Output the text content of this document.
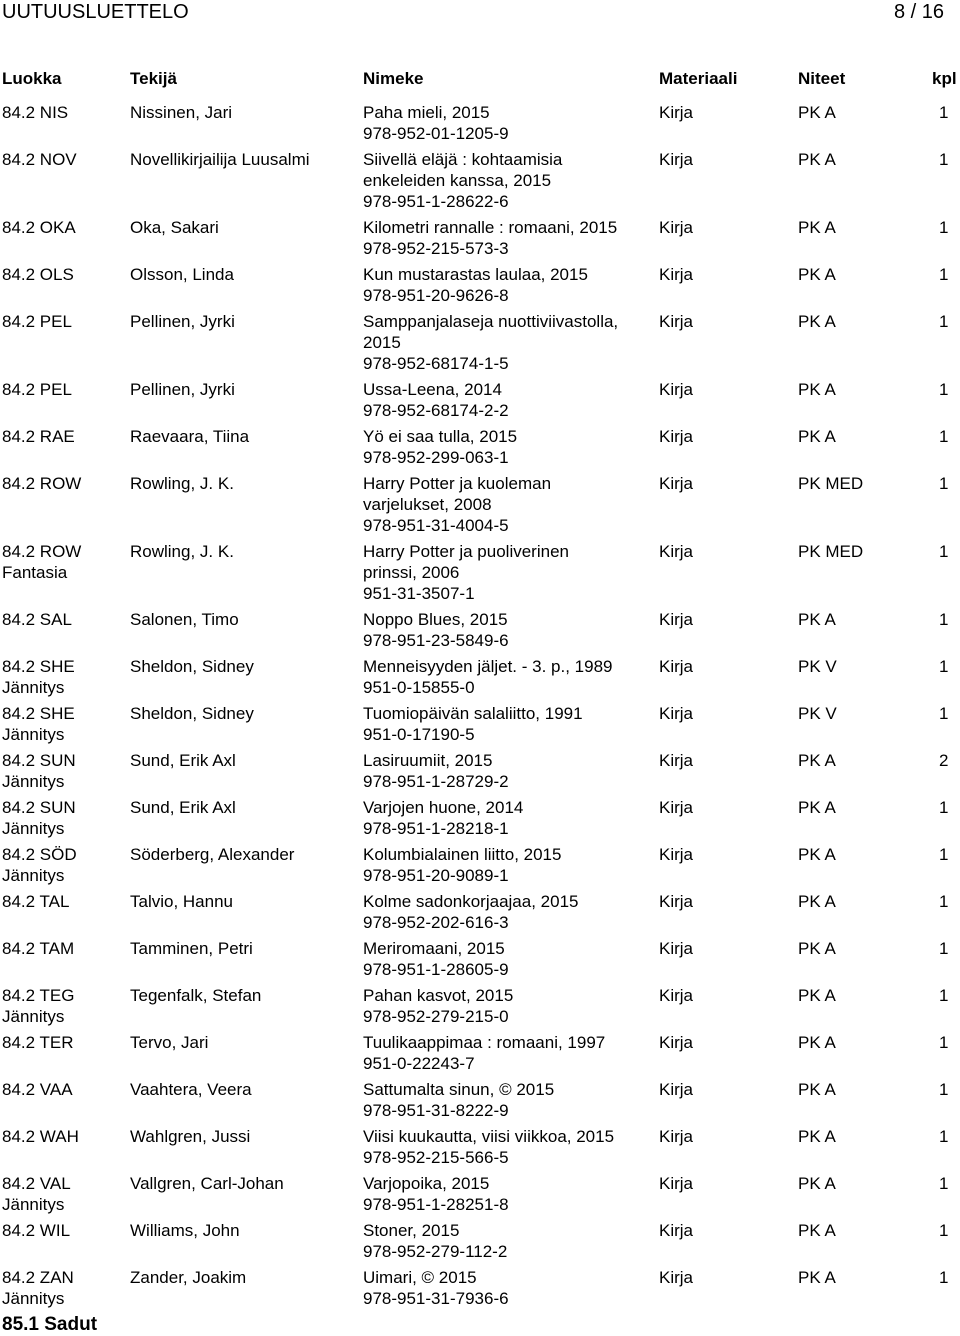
UUTUUSLUETTELO	8 / 16
Luokka	Tekijä	Nimeke	Materiaali	Niteet	kpl
84.2 NIS	Nissinen, Jari	Paha mieli, 2015
978-952-01-1205-9
Kirja	PK A	1
84.2 NOV	Novellikirjailija Luusalmi	Siivellä eläjä : kohtaamisia
enkeleiden kanssa, 2015
978-951-1-28622-6
Kirja	PK A	1
84.2 OKA	Oka, Sakari	Kilometri rannalle : romaani, 2015
978-952-215-573-3
Kirja	PK A	1
84.2 OLS	Olsson, Linda	Kun mustarastas laulaa, 2015
978-951-20-9626-8
Kirja	PK A	1
84.2 PEL	Pellinen, Jyrki	Samppanjalaseja nuottiviivastolla,
2015
978-952-68174-1-5
Kirja	PK A	1
84.2 PEL	Pellinen, Jyrki	Ussa-Leena, 2014
978-952-68174-2-2
Kirja	PK A	1
84.2 RAE	Raevaara, Tiina	Yö ei saa tulla, 2015
978-952-299-063-1
Kirja	PK A	1
84.2 ROW	Rowling, J. K.	Harry Potter ja kuoleman
varjelukset, 2008
978-951-31-4004-5
Kirja	PK MED	1
84.2 ROW
Fantasia
Rowling, J. K.	Harry Potter ja puoliverinen
prinssi, 2006
951-31-3507-1
Kirja	PK MED	1
84.2 SAL	Salonen, Timo	Noppo Blues, 2015
978-951-23-5849-6
Kirja	PK A	1
84.2 SHE
Jännitys
Sheldon, Sidney	Menneisyyden jäljet. - 3. p., 1989
951-0-15855-0
Kirja	PK V	1
84.2 SHE
Jännitys
Sheldon, Sidney	Tuomiopäivän salaliitto, 1991
951-0-17190-5
Kirja	PK V	1
84.2 SUN
Jännitys
Sund, Erik Axl	Lasiruumiit, 2015
978-951-1-28729-2
Kirja	PK A	2
84.2 SUN
Jännitys
Sund, Erik Axl	Varjojen huone, 2014
978-951-1-28218-1
Kirja	PK A	1
84.2 SÖD
Jännitys
Söderberg, Alexander	Kolumbialainen liitto, 2015
978-951-20-9089-1
Kirja	PK A	1
84.2 TAL	Talvio, Hannu	Kolme sadonkorjaajaa, 2015
978-952-202-616-3
Kirja	PK A	1
84.2 TAM	Tamminen, Petri	Meriromaani, 2015
978-951-1-28605-9
Kirja	PK A	1
84.2 TEG
Jännitys
Tegenfalk, Stefan	Pahan kasvot, 2015
978-952-279-215-0
Kirja	PK A	1
84.2 TER	Tervo, Jari	Tuulikaappimaa : romaani, 1997
951-0-22243-7
Kirja	PK A	1
84.2 VAA	Vaahtera, Veera	Sattumalta sinun, © 2015
978-951-31-8222-9
Kirja	PK A	1
84.2 WAH	Wahlgren, Jussi	Viisi kuukautta, viisi viikkoa, 2015
978-952-215-566-5
Kirja	PK A	1
84.2 VAL
Jännitys
Vallgren, Carl-Johan	Varjopoika, 2015
978-951-1-28251-8
Kirja	PK A	1
84.2 WIL	Williams, John	Stoner, 2015
978-952-279-112-2
Kirja	PK A	1
84.2 ZAN
Jännitys
Zander, Joakim	Uimari, © 2015
978-951-31-7936-6
Kirja	PK A	1
85.1 Sadut
